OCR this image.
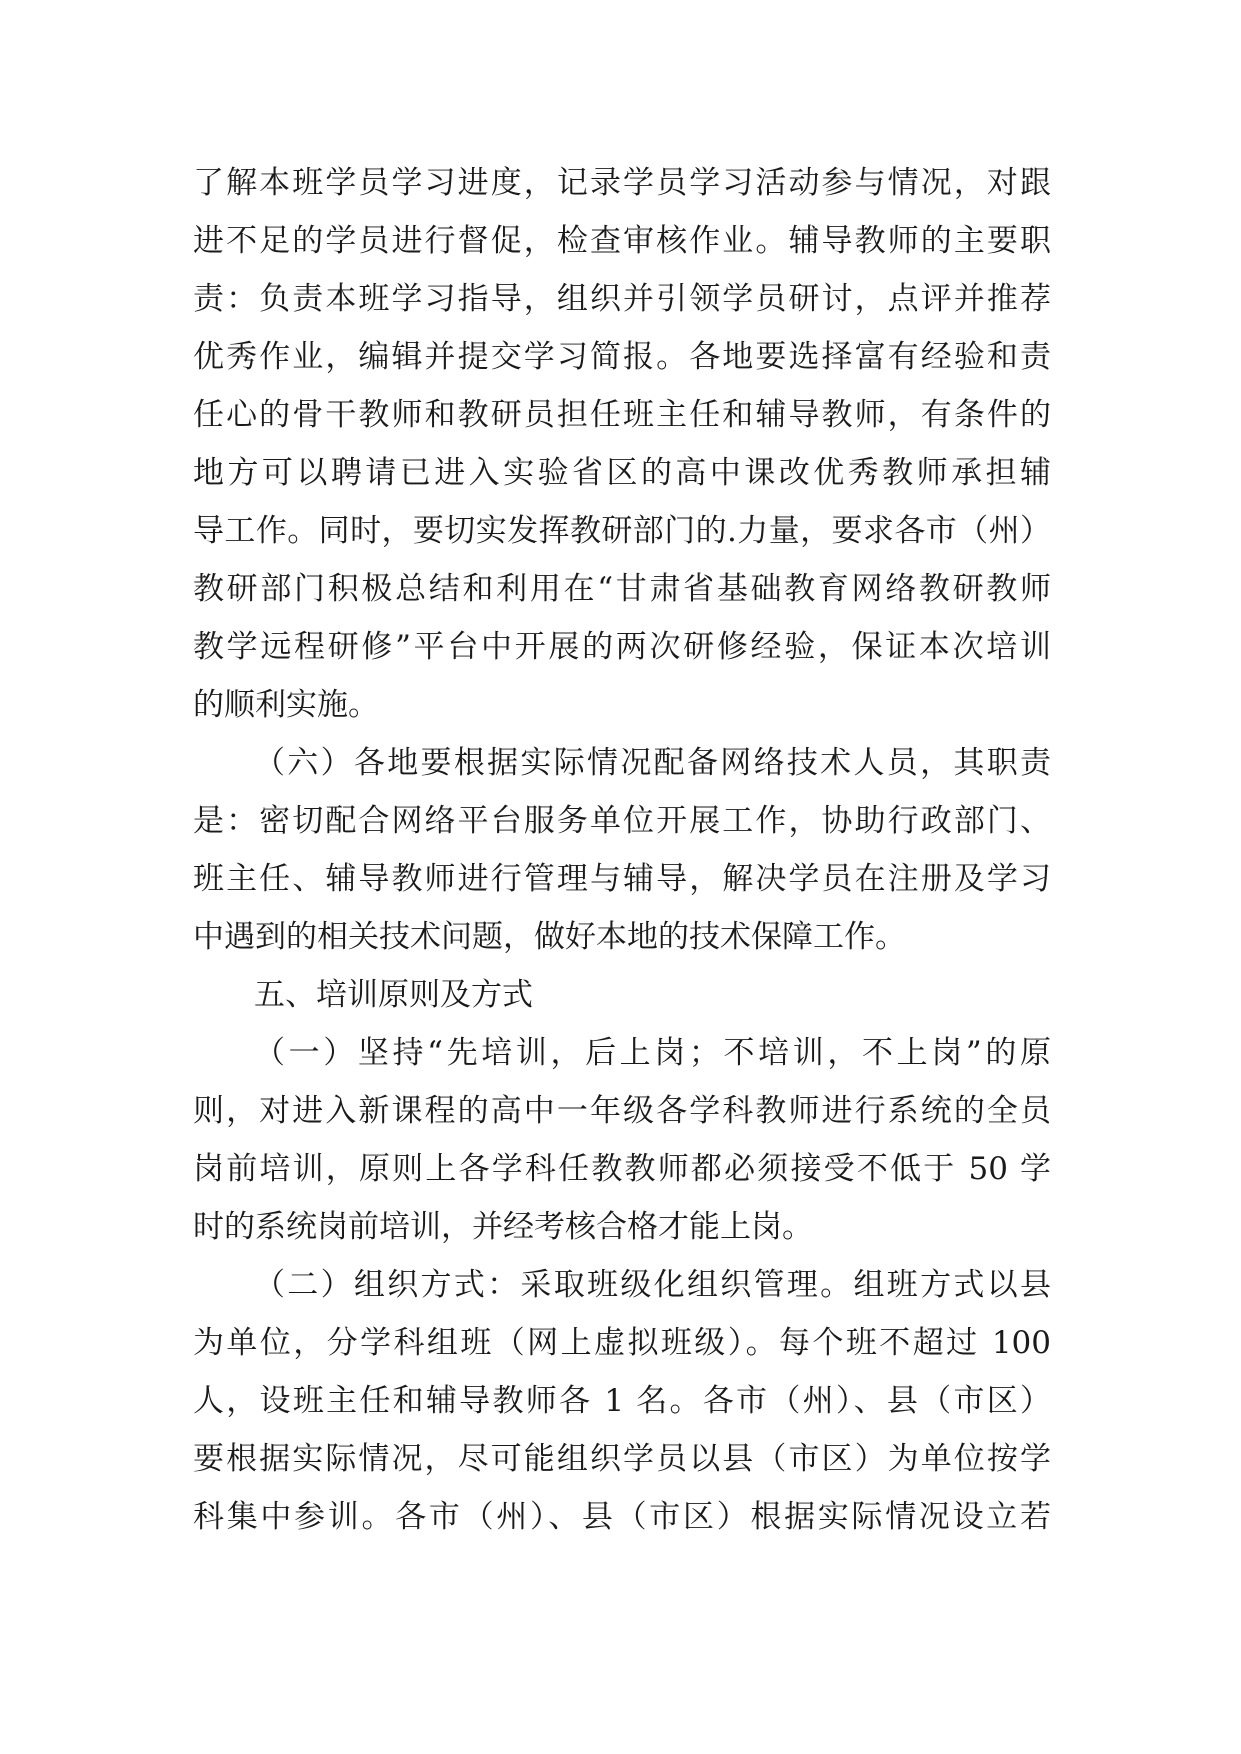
了解本班学员学习进度，记录学员学习活动参与情况，对跟
进不足的学员进行督促，检查审核作业。辅导教师的主要职
责：负责本班学习指导，组织并引领学员研讨，点评并推荐
优秀作业，编辑并提交学习简报。各地要选择富有经验和责
任心的骨干教师和教研员担任班主任和辅导教师，有条件的
地方可以聘请已进入实验省区的高中课改优秀教师承担辅
导工作。同时，要切实发挥教研部门的.力量，要求各市（州）
教研部门积极总结和利用在“甘肃省基础教育网络教研教师
教学远程研修”平台中开展的两次研修经验，保证本次培训
的顺利实施。
（六）各地要根据实际情况配备网络技术人员，其职责
是：密切配合网络平台服务单位开展工作，协助行政部门、
班主任、辅导教师进行管理与辅导，解决学员在注册及学习
中遇到的相关技术问题，做好本地的技术保障工作。
五、培训原则及方式
（一）坚持“先培训，后上岗；不培训，不上岗”的原
则，对进入新课程的高中一年级各学科教师进行系统的全员
岗前培训，原则上各学科任教教师都必须接受不低于 50 学
时的系统岗前培训，并经考核合格才能上岗。
（二）组织方式：采取班级化组织管理。组班方式以县
为单位，分学科组班（网上虚拟班级）。每个班不超过 100
人，设班主任和辅导教师各 1 名。各市（州）、县（市区）
要根据实际情况，尽可能组织学员以县（市区）为单位按学
科集中参训。各市（州）、县（市区）根据实际情况设立若
